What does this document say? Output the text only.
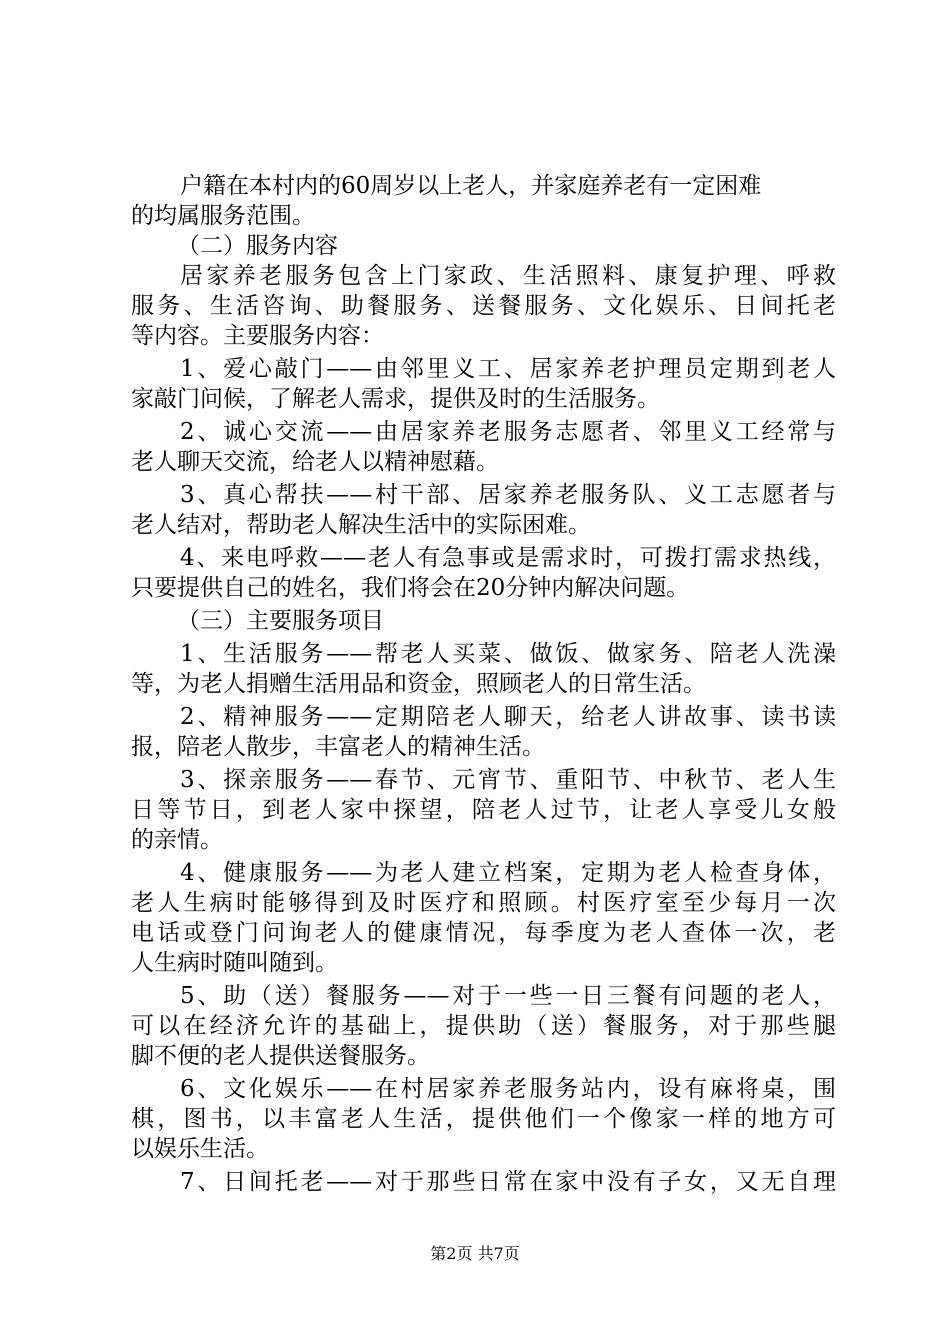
户籍在本村内的60周岁以上老人，并家庭养老有一定困难
的均属服务范围。
（二）服务内容
居家养老服务包含上门家政、生活照料、康复护理、呼救
服务、生活咨询、助餐服务、送餐服务、文化娱乐、日间托老
等内容。主要服务内容：
1、爱心敲门——由邻里义工、居家养老护理员定期到老人
家敲门问候，了解老人需求，提供及时的生活服务。
2、诚心交流——由居家养老服务志愿者、邻里义工经常与
老人聊天交流，给老人以精神慰藉。
3、真心帮扶——村干部、居家养老服务队、义工志愿者与
老人结对，帮助老人解决生活中的实际困难。
4、来电呼救——老人有急事或是需求时，可拨打需求热线，
只要提供自己的姓名，我们将会在20分钟内解决问题。
（三）主要服务项目
1、生活服务——帮老人买菜、做饭、做家务、陪老人洗澡
等，为老人捐赠生活用品和资金，照顾老人的日常生活。
2、精神服务——定期陪老人聊天，给老人讲故事、读书读
报，陪老人散步，丰富老人的精神生活。
3、探亲服务——春节、元宵节、重阳节、中秋节、老人生
日等节日，到老人家中探望，陪老人过节，让老人享受儿女般
的亲情。
4、健康服务——为老人建立档案，定期为老人检查身体，
老人生病时能够得到及时医疗和照顾。村医疗室至少每月一次
电话或登门问询老人的健康情况，每季度为老人查体一次，老
人生病时随叫随到。
5、助（送）餐服务——对于一些一日三餐有问题的老人，
可以在经济允许的基础上，提供助（送）餐服务，对于那些腿
脚不便的老人提供送餐服务。
6、文化娱乐——在村居家养老服务站内，设有麻将桌，围
棋，图书，以丰富老人生活，提供他们一个像家一样的地方可
以娱乐生活。
7、日间托老——对于那些日常在家中没有子女，又无自理
第2页 共7页
